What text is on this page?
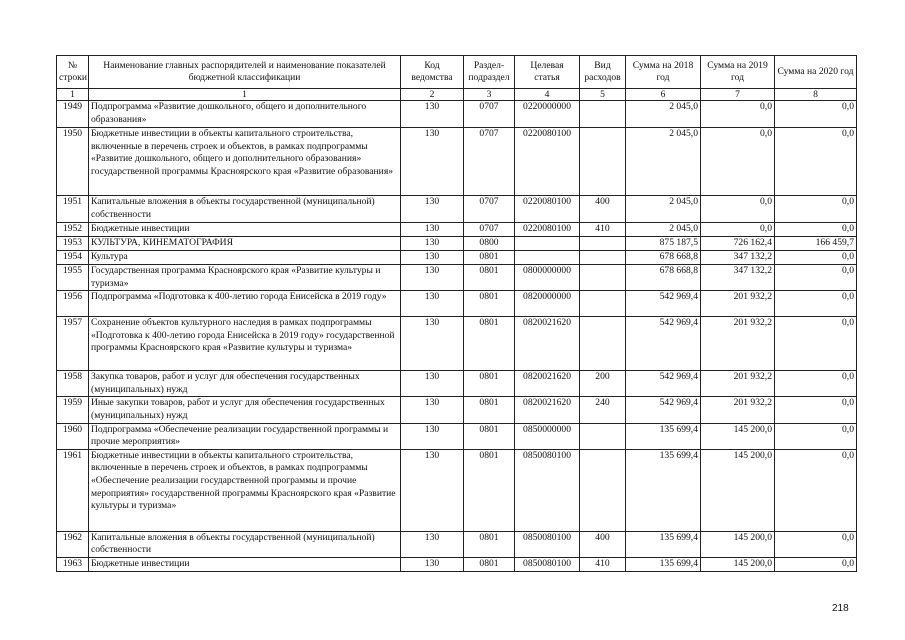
№ строки	Наименование главных распорядителей и наименование показателей бюджетной классификации	Код ведомства	Раздел-подраздел	Целевая статья	Вид расходов	Сумма на 2018 год	Сумма на 2019 год	Сумма на 2020 год
1	1	2	3	4	5	6	7	8
1949	Подпрограмма «Развитие дошкольного, общего и дополнительного образования»	130	0707	0220000000		2 045,0	0,0	0,0
1950	Бюджетные инвестиции в объекты капитального строительства, включенные в перечень строек и объектов, в рамках подпрограммы «Развитие дошкольного, общего и дополнительного образования» государственной программы Красноярского края «Развитие образования»	130	0707	0220080100		2 045,0	0,0	0,0
1951	Капитальные вложения в объекты государственной (муниципальной) собственности	130	0707	0220080100	400	2 045,0	0,0	0,0
1952	Бюджетные инвестиции	130	0707	0220080100	410	2 045,0	0,0	0,0
1953	КУЛЬТУРА, КИНЕМАТОГРАФИЯ	130	0800			875 187,5	726 162,4	166 459,7
1954	Культура	130	0801			678 668,8	347 132,2	0,0
1955	Государственная программа Красноярского края «Развитие культуры и туризма»	130	0801	0800000000		678 668,8	347 132,2	0,0
1956	Подпрограмма «Подготовка к 400-летию города Енисейска в 2019 году»	130	0801	0820000000		542 969,4	201 932,2	0,0
1957	Сохранение объектов культурного наследия в рамках подпрограммы «Подготовка к 400-летию города Енисейска в 2019 году» государственной программы Красноярского края «Развитие культуры и туризма»	130	0801	0820021620		542 969,4	201 932,2	0,0
1958	Закупка товаров, работ и услуг для обеспечения государственных (муниципальных) нужд	130	0801	0820021620	200	542 969,4	201 932,2	0,0
1959	Иные закупки товаров, работ и услуг для обеспечения государственных (муниципальных) нужд	130	0801	0820021620	240	542 969,4	201 932,2	0,0
1960	Подпрограмма «Обеспечение реализации государственной программы и прочие мероприятия»	130	0801	0850000000		135 699,4	145 200,0	0,0
1961	Бюджетные инвестиции в объекты капитального строительства, включенные в перечень строек и объектов, в рамках подпрограммы «Обеспечение реализации государственной программы и прочие мероприятия» государственной программы Красноярского края «Развитие культуры и туризма»	130	0801	0850080100		135 699,4	145 200,0	0,0
1962	Капитальные вложения в объекты государственной (муниципальной) собственности	130	0801	0850080100	400	135 699,4	145 200,0	0,0
1963	Бюджетные инвестиции	130	0801	0850080100	410	135 699,4	145 200,0	0,0
218
